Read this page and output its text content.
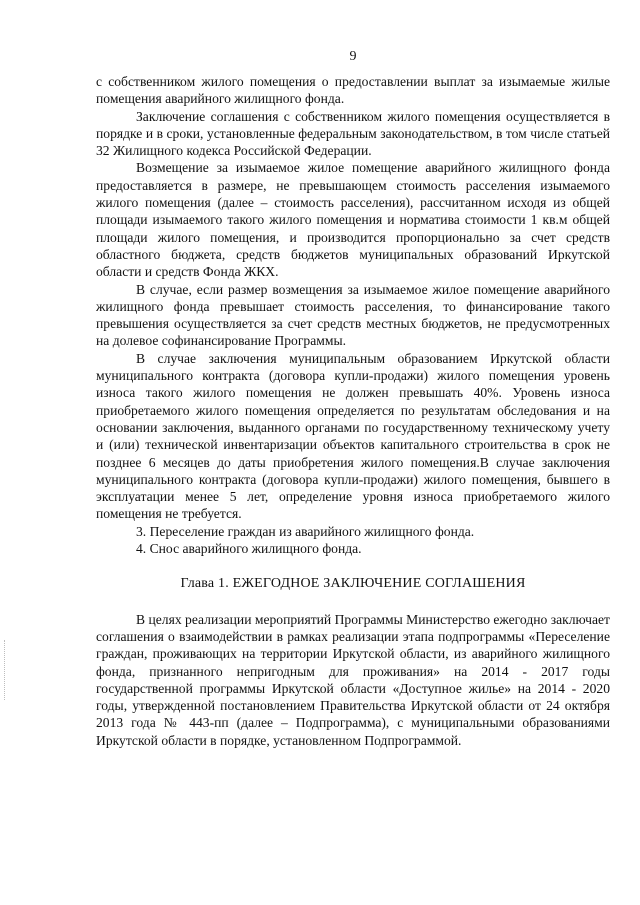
9

с собственником жилого помещения о предоставлении выплат за изымаемые жилые помещения аварийного жилищного фонда.

Заключение соглашения с собственником жилого помещения осуществляется в порядке и в сроки, установленные федеральным законодательством, в том числе статьей 32 Жилищного кодекса Российской Федерации.

Возмещение за изымаемое жилое помещение аварийного жилищного фонда предоставляется в размере, не превышающем стоимость расселения изымаемого жилого помещения (далее – стоимость расселения), рассчитанном исходя из общей площади изымаемого такого жилого помещения и норматива стоимости 1 кв.м общей площади жилого помещения, и производится пропорционально за счет средств областного бюджета, средств бюджетов муниципальных образований Иркутской области и средств Фонда ЖКХ.

В случае, если размер возмещения за изымаемое жилое помещение аварийного жилищного фонда превышает стоимость расселения, то финансирование такого превышения осуществляется за счет средств местных бюджетов, не предусмотренных на долевое софинансирование Программы.

В случае заключения муниципальным образованием Иркутской области муниципального контракта (договора купли-продажи) жилого помещения уровень износа такого жилого помещения не должен превышать 40%. Уровень износа приобретаемого жилого помещения определяется по результатам обследования и на основании заключения, выданного органами по государственному техническому учету и (или) технической инвентаризации объектов капитального строительства в срок не позднее 6 месяцев до даты приобретения жилого помещения.В случае заключения муниципального контракта (договора купли-продажи) жилого помещения, бывшего в эксплуатации менее 5 лет, определение уровня износа приобретаемого жилого помещения не требуется.

3. Переселение граждан из аварийного жилищного фонда.

4. Снос аварийного жилищного фонда.

Глава 1. ЕЖЕГОДНОЕ ЗАКЛЮЧЕНИЕ СОГЛАШЕНИЯ

В целях реализации мероприятий Программы Министерство ежегодно заключает соглашения о взаимодействии в рамках реализации этапа подпрограммы «Переселение граждан, проживающих на территории Иркутской области, из аварийного жилищного фонда, признанного непригодным для проживания» на 2014 - 2017 годы государственной программы Иркутской области «Доступное жилье» на 2014 - 2020 годы, утвержденной постановлением Правительства Иркутской области от 24 октября 2013 года № 443-пп (далее – Подпрограмма), с муниципальными образованиями Иркутской области в порядке, установленном Подпрограммой.
